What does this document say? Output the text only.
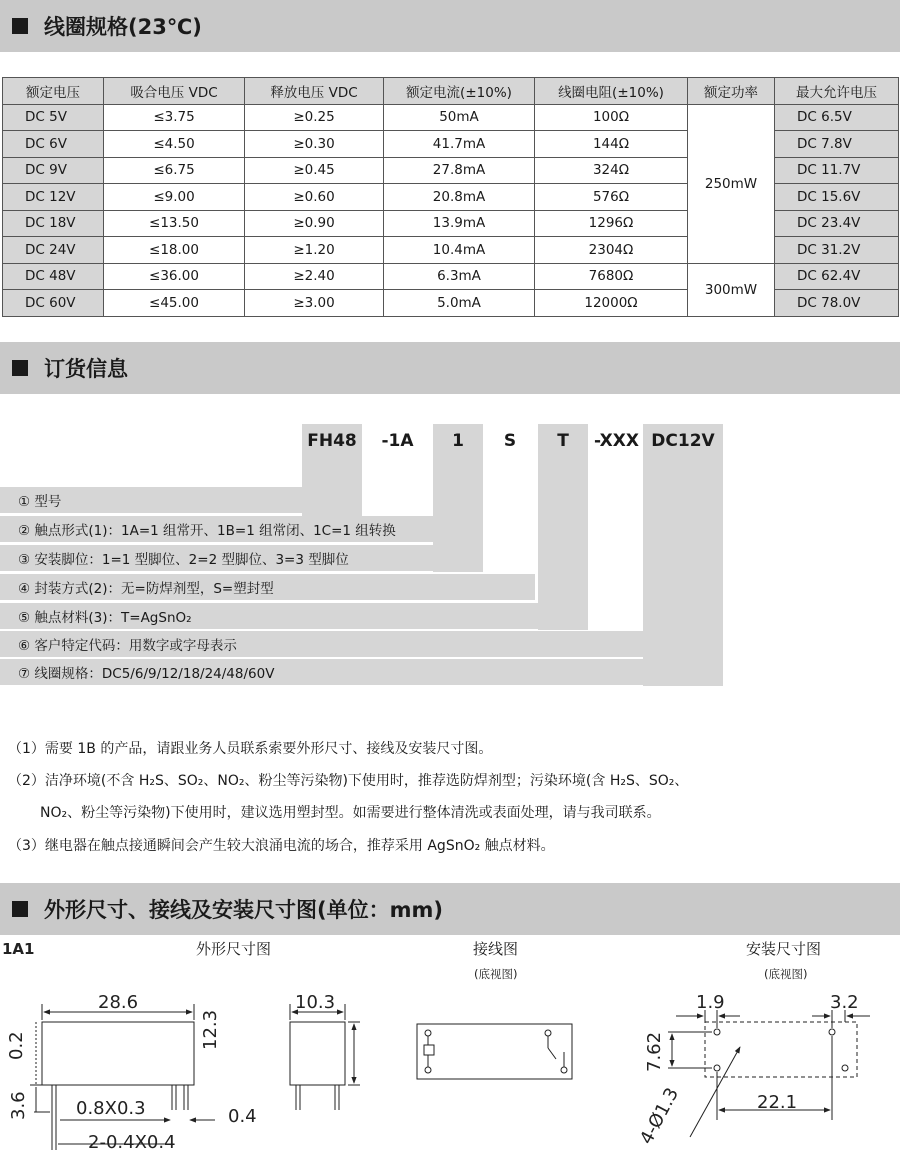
线圈规格(23℃)
额定电压	吸合电压 VDC	释放电压 VDC	额定电流(±10%)	线圈电阻(±10%)	额定功率	最大允许电压
DC 5V	≤3.75	≥0.25	50mA	100Ω	250mW	DC 6.5V
DC 6V	≤4.50	≥0.30	41.7mA	144Ω		DC 7.8V
DC 9V	≤6.75	≥0.45	27.8mA	324Ω		DC 11.7V
DC 12V	≤9.00	≥0.60	20.8mA	576Ω		DC 15.6V
DC 18V	≤13.50	≥0.90	13.9mA	1296Ω		DC 23.4V
DC 24V	≤18.00	≥1.20	10.4mA	2304Ω		DC 31.2V
DC 48V	≤36.00	≥2.40	6.3mA	7680Ω	300mW	DC 62.4V
DC 60V	≤45.00	≥3.00	5.0mA	12000Ω		DC 78.0V
订货信息
FH48	-1A	1	S	T	-XXX DC12V
① 型号
② 触点形式(1)：1A=1 组常开、1B=1 组常闭、1C=1 组转换
③ 安装脚位：1=1 型脚位、2=2 型脚位、3=3 型脚位
④ 封装方式(2)：无=防焊剂型，S=塑封型
⑤ 触点材料(3)：T=AgSnO₂
⑥ 客户特定代码：用数字或字母表示
⑦ 线圈规格：DC5/6/9/12/18/24/48/60V
（1）需要 1B 的产品，请跟业务人员联系索要外形尺寸、接线及安装尺寸图。
（2）洁净环境(不含 H₂S、SO₂、NO₂、粉尘等污染物)下使用时，推荐选防焊剂型；污染环境(含 H₂S、SO₂、
NO₂、粉尘等污染物)下使用时，建议选用塑封型。如需要进行整体清洗或表面处理，请与我司联系。
（3）继电器在触点接通瞬间会产生较大浪涌电流的场合，推荐采用 AgSnO₂ 触点材料。
外形尺寸、接线及安装尺寸图(单位：mm)
1A1	外形尺寸图	接线图
(底视图)
安装尺寸图
(底视图)
28.6	10.3
12.3
0.2
3.6	0.8X0.3	0.4
2-0.4X0.4
1.9	3.2
7.62
22.1
4-Ø1.3
